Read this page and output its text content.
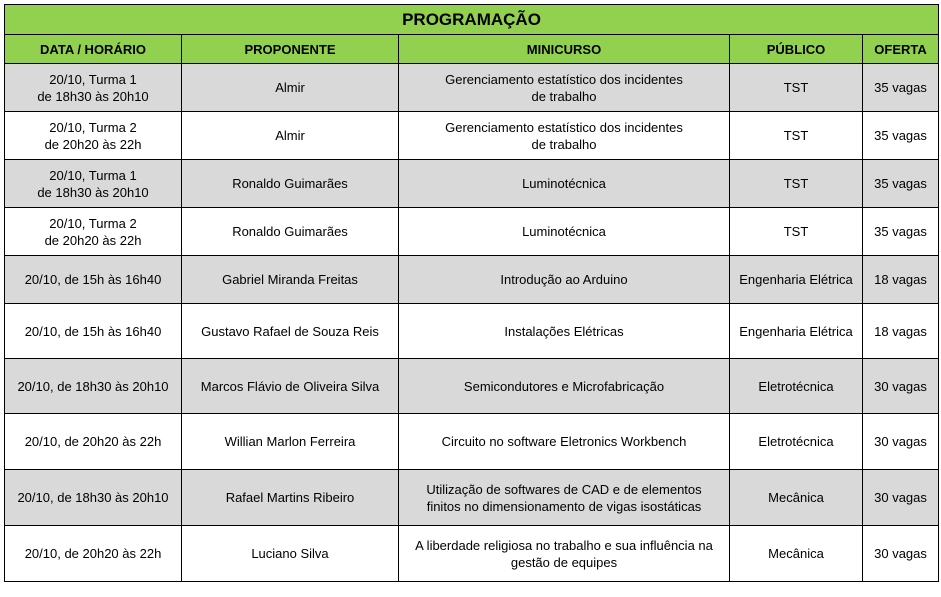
PROGRAMAÇÃO				
DATA / HORÁRIO	PROPONENTE	MINICURSO	PÚBLICO	OFERTA

20/10, Turma 1
de 18h30 às 20h10	Almir	Gerenciamento estatístico dos incidentes
de trabalho	TST	35 vagas

20/10, Turma 2
de 20h20 às 22h	Almir	Gerenciamento estatístico dos incidentes
de trabalho	TST	35 vagas

20/10, Turma 1
de 18h30 às 20h10	Ronaldo Guimarães	Luminotécnica	TST	35 vagas

20/10, Turma 2
de 20h20 às 22h	Ronaldo Guimarães	Luminotécnica	TST	35 vagas

20/10, de 15h às 16h40	Gabriel Miranda Freitas	Introdução ao Arduino	Engenharia Elétrica	18 vagas

20/10, de 15h às 16h40	Gustavo Rafael de Souza Reis	Instalações Elétricas	Engenharia Elétrica	18 vagas

20/10, de 18h30 às 20h10	Marcos Flávio de Oliveira Silva	Semicondutores e Microfabricação	Eletrotécnica	30 vagas

20/10, de 20h20 às 22h	Willian Marlon Ferreira	Circuito no software Eletronics Workbench	Eletrotécnica	30 vagas

20/10, de 18h30 às 20h10	Rafael Martins Ribeiro	Utilização de softwares de CAD e de elementos
finitos no dimensionamento de vigas isostáticas	Mecânica	30 vagas

20/10, de 20h20 às 22h	Luciano Silva	A liberdade religiosa no trabalho e sua influência na
gestão de equipes	Mecânica	30 vagas
